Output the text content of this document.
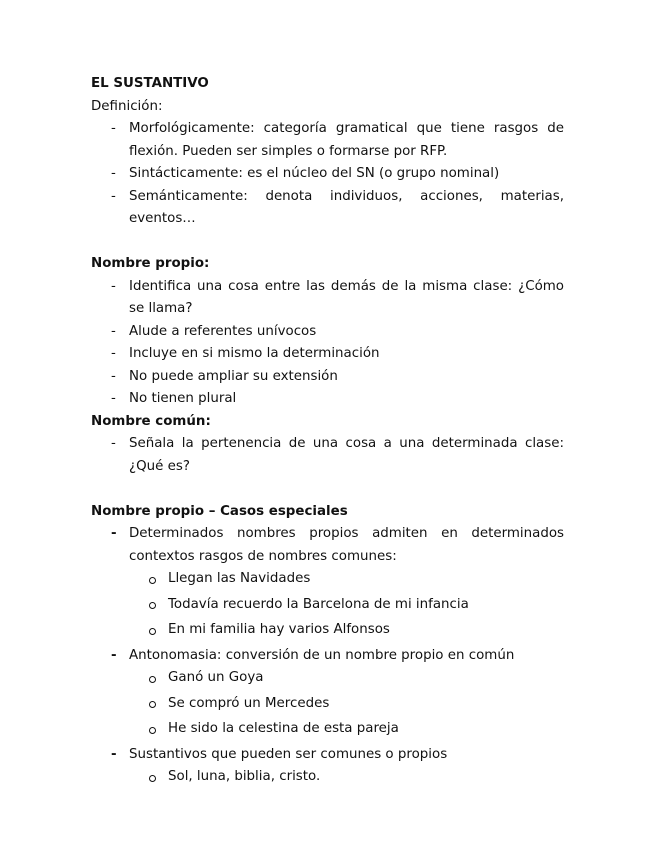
EL SUSTANTIVO

Definición:

- Morfológicamente: categoría gramatical que tiene rasgos de flexión. Pueden ser simples o formarse por RFP.
- Sintácticamente: es el núcleo del SN (o grupo nominal)
- Semánticamente: denota individuos, acciones, materias, eventos…

Nombre propio:

- Identifica una cosa entre las demás de la misma clase: ¿Cómo se llama?
- Alude a referentes unívocos
- Incluye en si mismo la determinación
- No puede ampliar su extensión
- No tienen plural

Nombre común:

- Señala la pertenencia de una cosa a una determinada clase: ¿Qué es?

Nombre propio – Casos especiales

- Determinados nombres propios admiten en determinados contextos rasgos de nombres comunes:
Llegan las Navidades
Todavía recuerdo la Barcelona de mi infancia
En mi familia hay varios Alfonsos
- Antonomasia: conversión de un nombre propio en común
Ganó un Goya
Se compró un Mercedes
He sido la celestina de esta pareja
- Sustantivos que pueden ser comunes o propios
Sol, luna, biblia, cristo.
